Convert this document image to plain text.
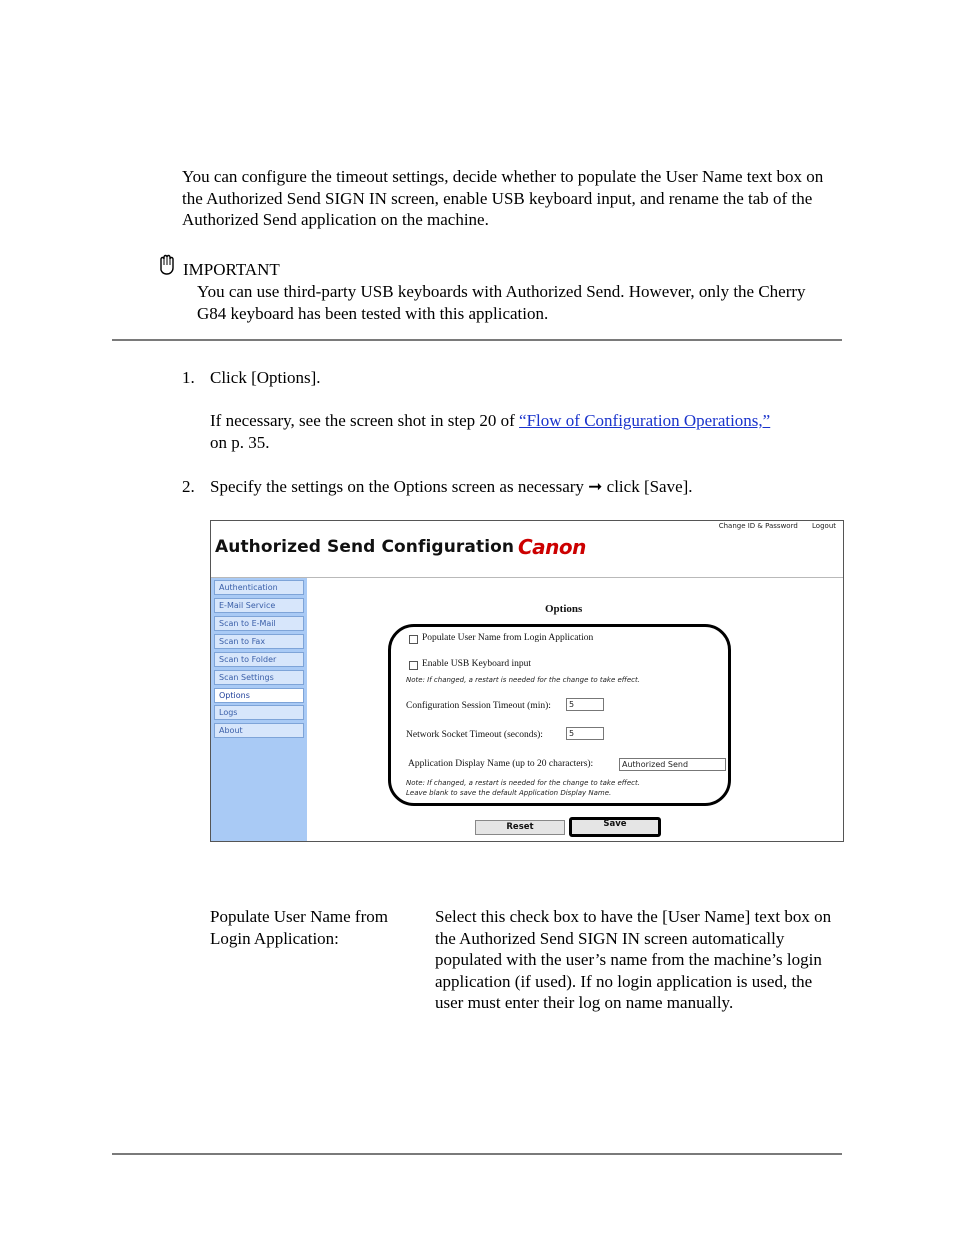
You can configure the timeout settings, decide whether to populate the User Name text box on the Authorized Send SIGN IN screen, enable USB keyboard input, and rename the tab of the Authorized Send application on the machine.
IMPORTANT
You can use third-party USB keyboards with Authorized Send. However, only the Cherry G84 keyboard has been tested with this application.
1. Click [Options].
If necessary, see the screen shot in step 20 of “Flow of Configuration Operations,”
on p. 35.
2. Specify the settings on the Options screen as necessary ➞ click [Save].
Change ID & Password Logout
Authorized Send Configuration Canon
Authentication
E-Mail Service
Scan to E-Mail
Scan to Fax
Scan to Folder
Scan Settings
Options
Logs
About
Options
Populate User Name from Login Application
Enable USB Keyboard input
Note: If changed, a restart is needed for the change to take effect.
Configuration Session Timeout (min):	5
Network Socket Timeout (seconds):	5
Application Display Name (up to 20 characters):	Authorized Send
Note: If changed, a restart is needed for the change to take effect.
Leave blank to save the default Application Display Name.
Reset	Save
Populate User Name from Login Application:
Select this check box to have the [User Name] text box on the Authorized Send SIGN IN screen automatically populated with the user’s name from the machine’s login application (if used). If no login application is used, the user must enter their log on name manually.
